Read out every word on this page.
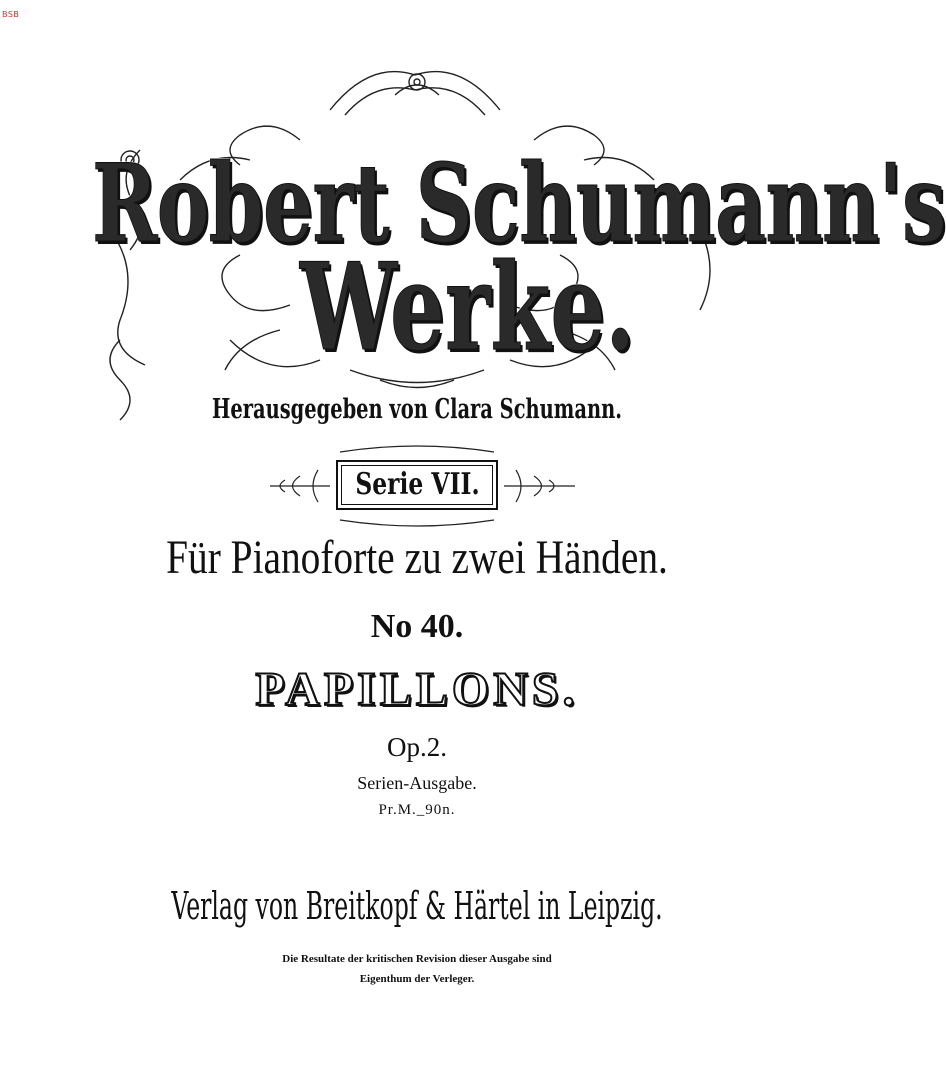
BSB
Robert Schumann's
Werke.
Herausgegeben von Clara Schumann.
Serie VII.
Für Pianoforte zu zwei Händen.
No 40.
PAPILLONS.
Op.2.
Serien-Ausgabe.
Pr.M._90n.
Verlag von Breitkopf & Härtel in Leipzig.
Die Resultate der kritischen Revision dieser Ausgabe sind
Eigenthum der Verleger.
